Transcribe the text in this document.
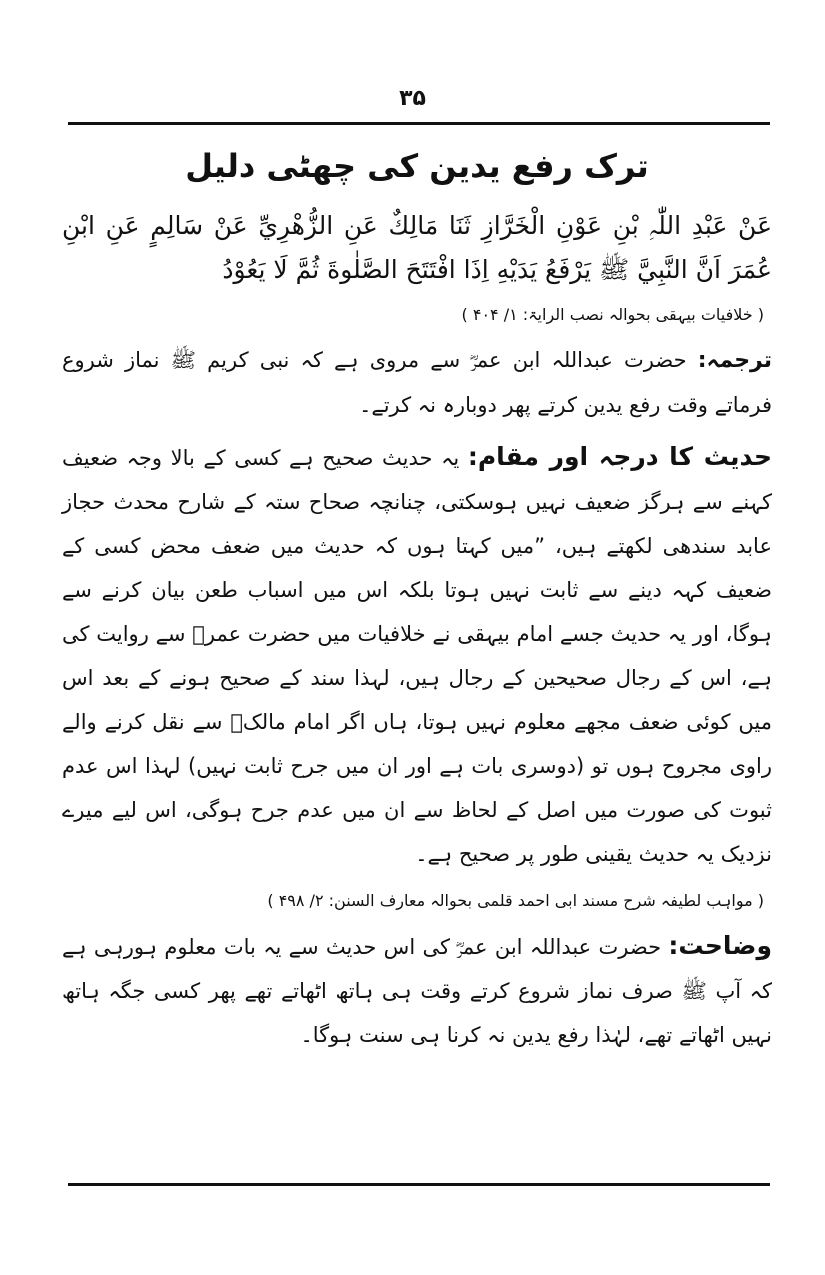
۳۵
ترک رفع یدین کی چھٹی دلیل

عَنْ عَبْدِ اللّٰہِ بْنِ عَوْنِ الْخَرَّازِ ثَنَا مَالِكٌ عَنِ الزُّهْرِيِّ عَنْ سَالِمٍ عَنِ ابْنِ عُمَرَ اَنَّ النَّبِيَّ ﷺ يَرْفَعُ يَدَيْهِ اِذَا افْتَتَحَ الصَّلٰوةَ ثُمَّ لَا يَعُوْدُ

( خلافیات بیہقی بحوالہ نصب الرایۃ: ۱/ ۴۰۴ )

ترجمہ: حضرت عبداللہ ابن عمرؓ سے مروی ہے کہ نبی کریم ﷺ نماز شروع فرماتے وقت رفع یدین کرتے پھر دوبارہ نہ کرتے۔

حدیث کا درجہ اور مقام: یہ حدیث صحیح ہے کسی کے بالا وجہ ضعیف کہنے سے ہرگز ضعیف نہیں ہوسکتی، چنانچہ صحاح ستہ کے شارح محدث حجاز عابد سندھی لکھتے ہیں، ”میں کہتا ہوں کہ حدیث میں ضعف محض کسی کے ضعیف کہہ دینے سے ثابت نہیں ہوتا بلکہ اس میں اسباب طعن بیان کرنے سے ہوگا، اور یہ حدیث جسے امام بیہقی نے خلافیات میں حضرت عمرؓ سے روایت کی ہے، اس کے رجال صحیحین کے رجال ہیں، لہذا سند کے صحیح ہونے کے بعد اس میں کوئی ضعف مجھے معلوم نہیں ہوتا، ہاں اگر امام مالکؒ سے نقل کرنے والے راوی مجروح ہوں تو (دوسری بات ہے اور ان میں جرح ثابت نہیں) لہذا اس عدم ثبوت کی صورت میں اصل کے لحاظ سے ان میں عدم جرح ہوگی، اس لیے میرے نزدیک یہ حدیث یقینی طور پر صحیح ہے۔

( مواہب لطیفہ شرح مسند ابی احمد قلمی بحوالہ معارف السنن: ۲/ ۴۹۸ )

وضاحت: حضرت عبداللہ ابن عمرؓ کی اس حدیث سے یہ بات معلوم ہورہی ہے کہ آپ ﷺ صرف نماز شروع کرتے وقت ہی ہاتھ اٹھاتے تھے پھر کسی جگہ ہاتھ نہیں اٹھاتے تھے، لہٰذا رفع یدین نہ کرنا ہی سنت ہوگا۔
